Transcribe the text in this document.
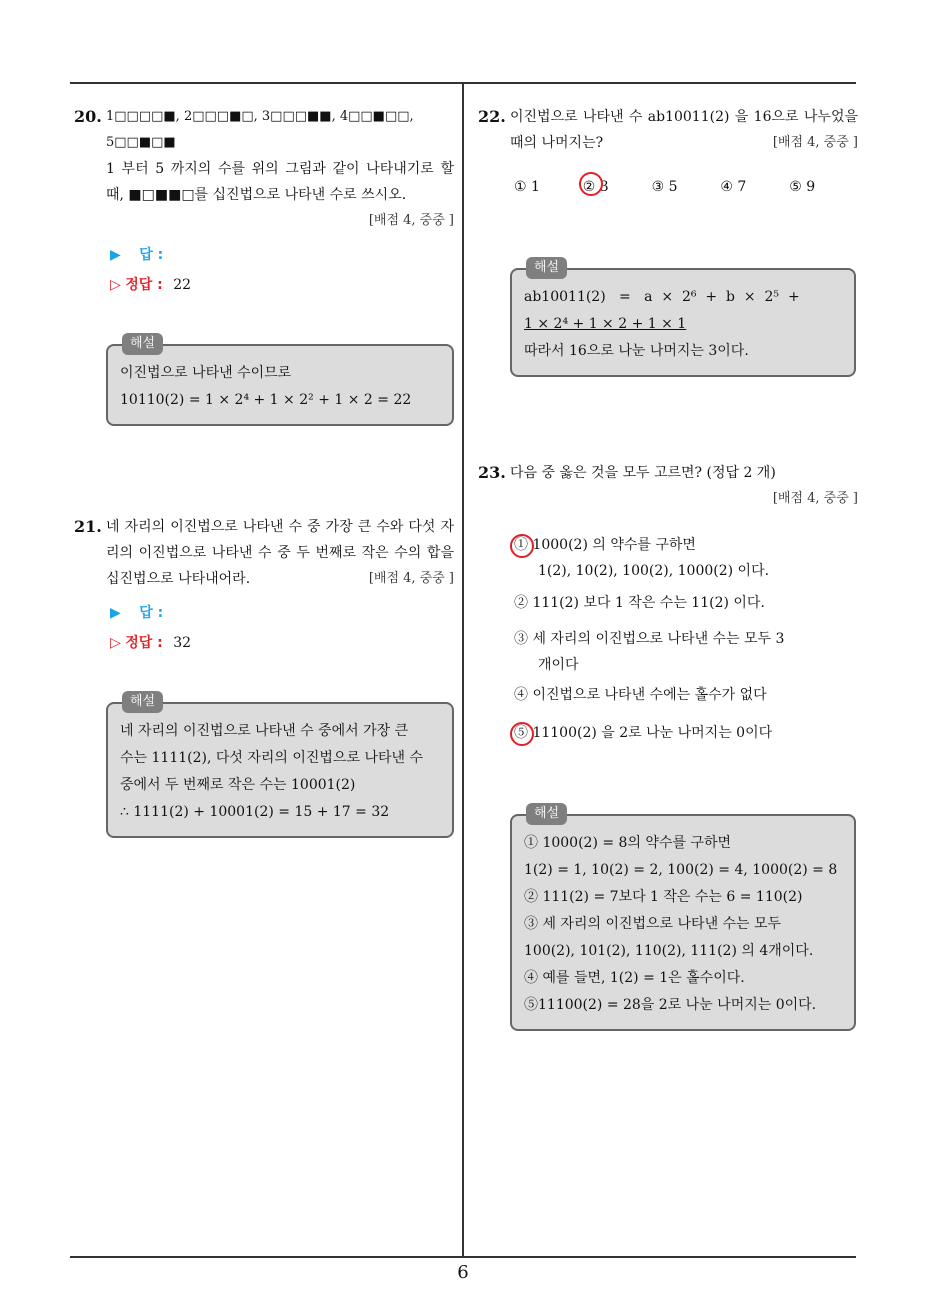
20. 1□□□□■, 2□□□■□, 3□□□■■, 4□□■□□,
5□□■□■
1 부터 5 까지의 수를 위의 그림과 같이 나타내기로 할 때, ■□■■□를 십진법으로 나타낸 수로 쓰시오.
[배점 4, 중중 ]
▶ 답 :
▷ 정답 : 22
해설
이진법으로 나타낸 수이므로
10110(2) = 1 × 2⁴ + 1 × 2² + 1 × 2 = 22
21. 네 자리의 이진법으로 나타낸 수 중 가장 큰 수와 다섯 자리의 이진법으로 나타낸 수 중 두 번째로 작은 수의 합을 십진법으로 나타내어라.	[배점 4, 중중 ]
▶ 답 :
▷ 정답 : 32
해설
네 자리의 이진법으로 나타낸 수 중에서 가장 큰
수는 1111(2), 다섯 자리의 이진법으로 나타낸 수
중에서 두 번째로 작은 수는 10001(2)
∴ 1111(2) + 10001(2) = 15 + 17 = 32
22. 이진법으로 나타낸 수 ab10011(2) 을 16으로 나누었을 때의 나머지는?	[배점 4, 중중 ]
① 1	② 3	③ 5	④ 7	⑤ 9
해설
ab10011(2)   =   a  ×  2⁶  +  b  ×  2⁵  +
1 × 2⁴ + 1 × 2 + 1 × 1
따라서 16으로 나눈 나머지는 3이다.
23. 다음 중 옳은 것을 모두 고르면? (정답 2 개)
[배점 4, 중중 ]
① 1000(2) 의 약수를 구하면
1(2), 10(2), 100(2), 1000(2) 이다.
② 111(2) 보다 1 작은 수는 11(2) 이다.
③ 세 자리의 이진법으로 나타낸 수는 모두 3
개이다
④ 이진법으로 나타낸 수에는 홀수가 없다
⑤ 11100(2) 을 2로 나눈 나머지는 0이다
해설
① 1000(2) = 8의 약수를 구하면
1(2) = 1, 10(2) = 2, 100(2) = 4, 1000(2) = 8
② 111(2) = 7보다 1 작은 수는 6 = 110(2)
③ 세 자리의 이진법으로 나타낸 수는 모두
100(2), 101(2), 110(2), 111(2) 의 4개이다.
④ 예를 들면, 1(2) = 1은 홀수이다.
⑤11100(2) = 28을 2로 나눈 나머지는 0이다.
6
